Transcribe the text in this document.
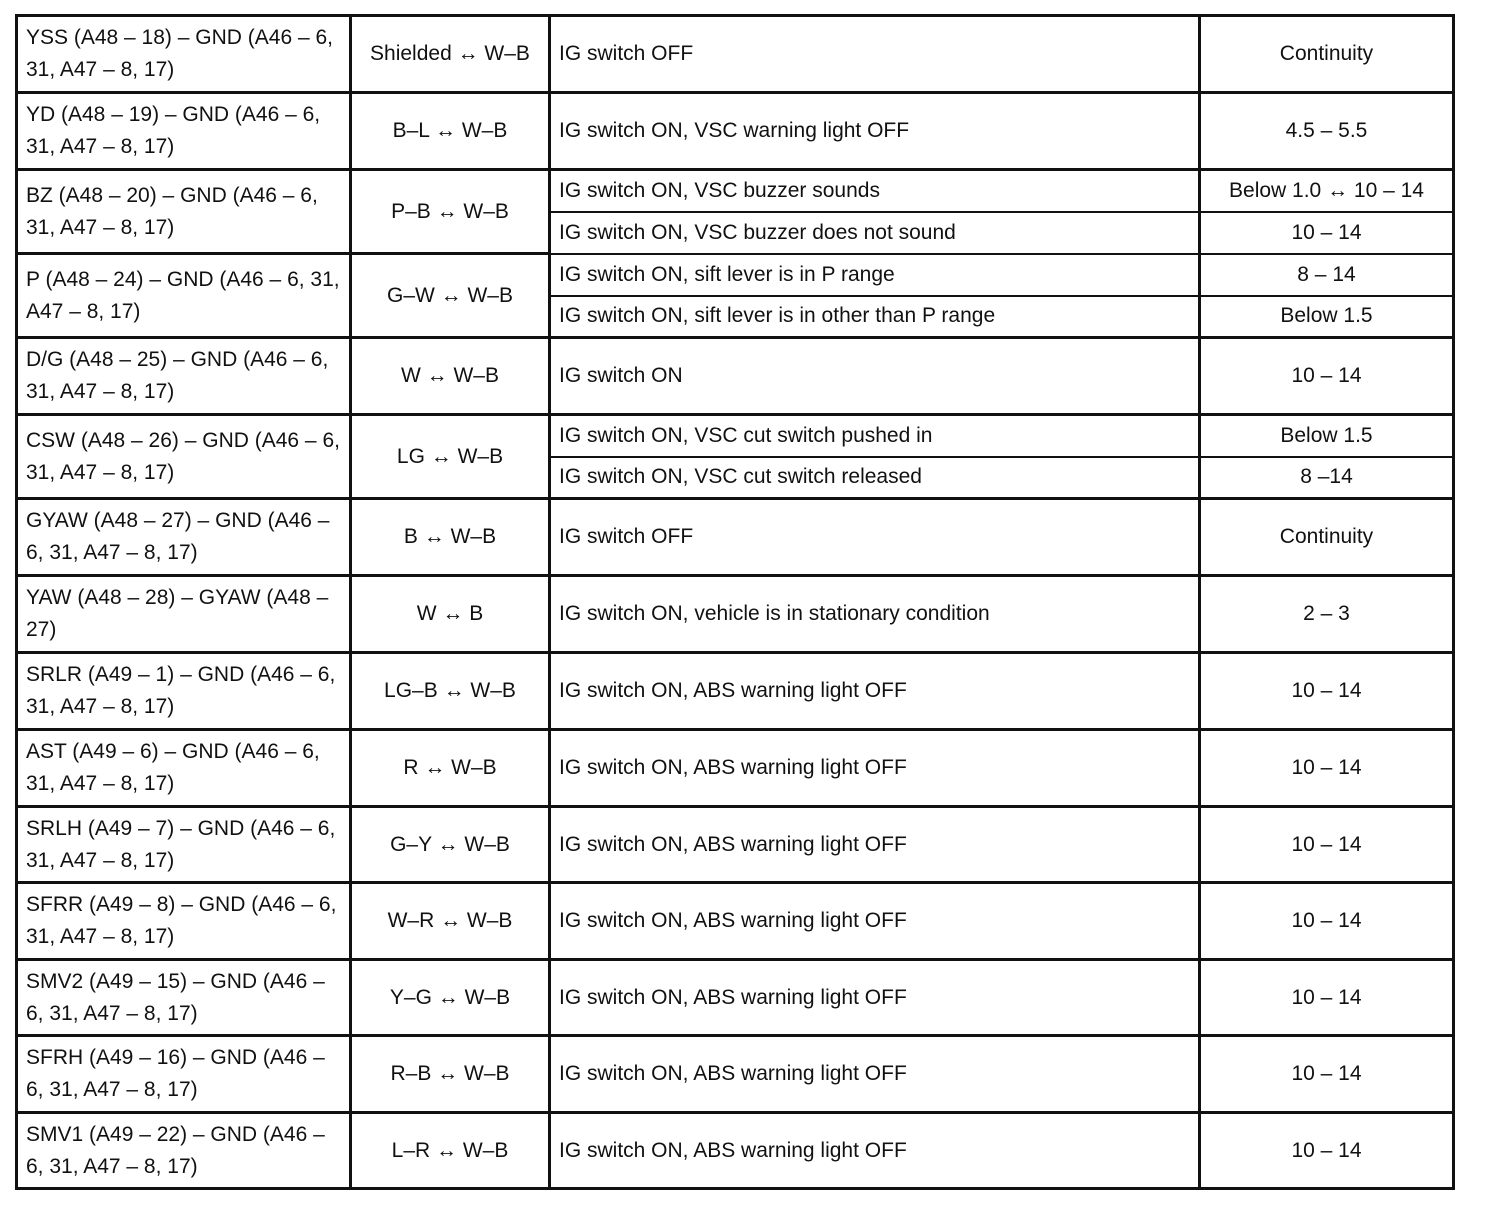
YSS (A48 – 18) – GND (A46 – 6, 31, A47 – 8, 17)	Shielded ↔ W–B	IG switch OFF	Continuity
YD (A48 – 19) – GND (A46 – 6, 31, A47 – 8, 17)	B–L ↔ W–B	IG switch ON, VSC warning light OFF	4.5 – 5.5
BZ (A48 – 20) – GND (A46 – 6, 31, A47 – 8, 17)	P–B ↔ W–B	IG switch ON, VSC buzzer sounds	Below 1.0 ↔ 10 – 14
		IG switch ON, VSC buzzer does not sound	10 – 14
P (A48 – 24) – GND (A46 – 6, 31, A47 – 8, 17)	G–W ↔ W–B	IG switch ON, sift lever is in P range	8 – 14
		IG switch ON, sift lever is in other than P range	Below 1.5
D/G (A48 – 25) – GND (A46 – 6, 31, A47 – 8, 17)	W ↔ W–B	IG switch ON	10 – 14
CSW (A48 – 26) – GND (A46 – 6, 31, A47 – 8, 17)	LG ↔ W–B	IG switch ON, VSC cut switch pushed in	Below 1.5
		IG switch ON, VSC cut switch released	8 –14
GYAW (A48 – 27) – GND (A46 – 6, 31, A47 – 8, 17)	B ↔ W–B	IG switch OFF	Continuity
YAW (A48 – 28) – GYAW (A48 – 27)	W ↔ B	IG switch ON, vehicle is in stationary condition	2 – 3
SRLR (A49 – 1) – GND (A46 – 6, 31, A47 – 8, 17)	LG–B ↔ W–B	IG switch ON, ABS warning light OFF	10 – 14
AST (A49 – 6) – GND (A46 – 6, 31, A47 – 8, 17)	R ↔ W–B	IG switch ON, ABS warning light OFF	10 – 14
SRLH (A49 – 7) – GND (A46 – 6, 31, A47 – 8, 17)	G–Y ↔ W–B	IG switch ON, ABS warning light OFF	10 – 14
SFRR (A49 – 8) – GND (A46 – 6, 31, A47 – 8, 17)	W–R ↔ W–B	IG switch ON, ABS warning light OFF	10 – 14
SMV2 (A49 – 15) – GND (A46 – 6, 31, A47 – 8, 17)	Y–G ↔ W–B	IG switch ON, ABS warning light OFF	10 – 14
SFRH (A49 – 16) – GND (A46 – 6, 31, A47 – 8, 17)	R–B ↔ W–B	IG switch ON, ABS warning light OFF	10 – 14
SMV1 (A49 – 22) – GND (A46 – 6, 31, A47 – 8, 17)	L–R ↔ W–B	IG switch ON, ABS warning light OFF	10 – 14
